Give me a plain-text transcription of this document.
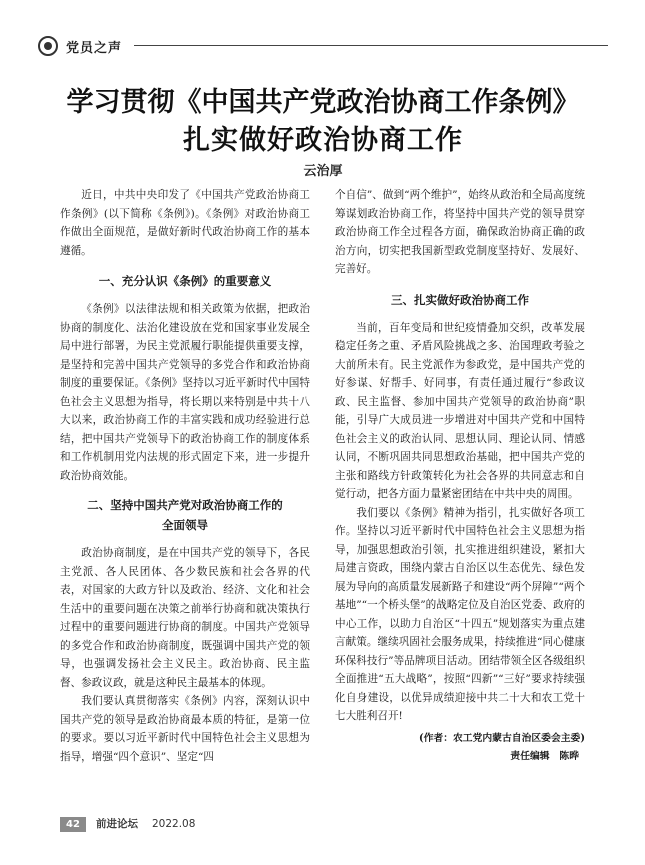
党员之声
学习贯彻《中国共产党政治协商工作条例》
扎实做好政治协商工作
云治厚

近日，中共中央印发了《中国共产党政治协商工作条例》(以下简称《条例》)。《条例》对政治协商工作做出全面规范，是做好新时代政治协商工作的基本遵循。

一、充分认识《条例》的重要意义

《条例》以法律法规和相关政策为依据，把政治协商的制度化、法治化建设放在党和国家事业发展全局中进行部署，为民主党派履行职能提供重要支撑，是坚持和完善中国共产党领导的多党合作和政治协商制度的重要保证。《条例》坚持以习近平新时代中国特色社会主义思想为指导，将长期以来特别是中共十八大以来，政治协商工作的丰富实践和成功经验进行总结，把中国共产党领导下的政治协商工作的制度体系和工作机制用党内法规的形式固定下来，进一步提升政治协商效能。

二、坚持中国共产党对政治协商工作的
全面领导

政治协商制度，是在中国共产党的领导下，各民主党派、各人民团体、各少数民族和社会各界的代表，对国家的大政方针以及政治、经济、文化和社会生活中的重要问题在决策之前举行协商和就决策执行过程中的重要问题进行协商的制度。中国共产党领导的多党合作和政治协商制度，既强调中国共产党的领导，也强调发扬社会主义民主。政治协商、民主监督、参政议政，就是这种民主最基本的体现。

我们要认真贯彻落实《条例》内容，深刻认识中国共产党的领导是政治协商最本质的特征，是第一位的要求。要以习近平新时代中国特色社会主义思想为指导，增强“四个意识”、坚定“四

个自信”、做到“两个维护”，始终从政治和全局高度统筹谋划政治协商工作，将坚持中国共产党的领导贯穿政治协商工作全过程各方面，确保政治协商正确的政治方向，切实把我国新型政党制度坚持好、发展好、完善好。

三、扎实做好政治协商工作

当前，百年变局和世纪疫情叠加交织，改革发展稳定任务之重、矛盾风险挑战之多、治国理政考验之大前所未有。民主党派作为参政党，是中国共产党的好参谋、好帮手、好同事，有责任通过履行“参政议政、民主监督、参加中国共产党领导的政治协商”职能，引导广大成员进一步增进对中国共产党和中国特色社会主义的政治认同、思想认同、理论认同、情感认同，不断巩固共同思想政治基础，把中国共产党的主张和路线方针政策转化为社会各界的共同意志和自觉行动，把各方面力量紧密团结在中共中央的周围。

我们要以《条例》精神为指引，扎实做好各项工作。坚持以习近平新时代中国特色社会主义思想为指导，加强思想政治引领，扎实推进组织建设，紧扣大局建言资政，围绕内蒙古自治区以生态优先、绿色发展为导向的高质量发展新路子和建设“两个屏障”“两个基地”“一个桥头堡”的战略定位及自治区党委、政府的中心工作，以助力自治区“十四五”规划落实为重点建言献策。继续巩固社会服务成果，持续推进“同心健康环保科技行”等品牌项目活动。团结带领全区各级组织全面推进“五大战略”，按照“四新”“三好”要求持续强化自身建设，以优异成绩迎接中共二十大和农工党十七大胜利召开!

(作者：农工党内蒙古自治区委会主委)
责任编辑　陈晔
42	前进论坛 2022.08
